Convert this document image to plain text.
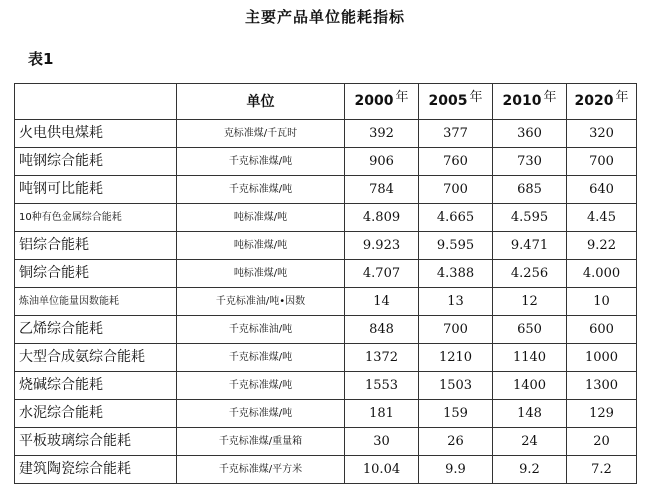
主要产品单位能耗指标
表1
	单位	2000 年	2005 年	2010 年	2020 年
火电供电煤耗	克标准煤/千瓦时	392	377	360	320
吨钢综合能耗	千克标准煤/吨	906	760	730	700
吨钢可比能耗	千克标准煤/吨	784	700	685	640
10种有色金属综合能耗	吨标准煤/吨	4.809	4.665	4.595	4.45
铝综合能耗	吨标准煤/吨	9.923	9.595	9.471	9.22
铜综合能耗	吨标准煤/吨	4.707	4.388	4.256	4.000
炼油单位能量因数能耗	千克标准油/吨•因数	14	13	12	10
乙烯综合能耗	千克标准油/吨	848	700	650	600
大型合成氨综合能耗	千克标准煤/吨	1372	1210	1140	1000
烧碱综合能耗	千克标准煤/吨	1553	1503	1400	1300
水泥综合能耗	千克标准煤/吨	181	159	148	129
平板玻璃综合能耗	千克标准煤/重量箱	30	26	24	20
建筑陶瓷综合能耗	千克标准煤/平方米	10.04	9.9	9.2	7.2
